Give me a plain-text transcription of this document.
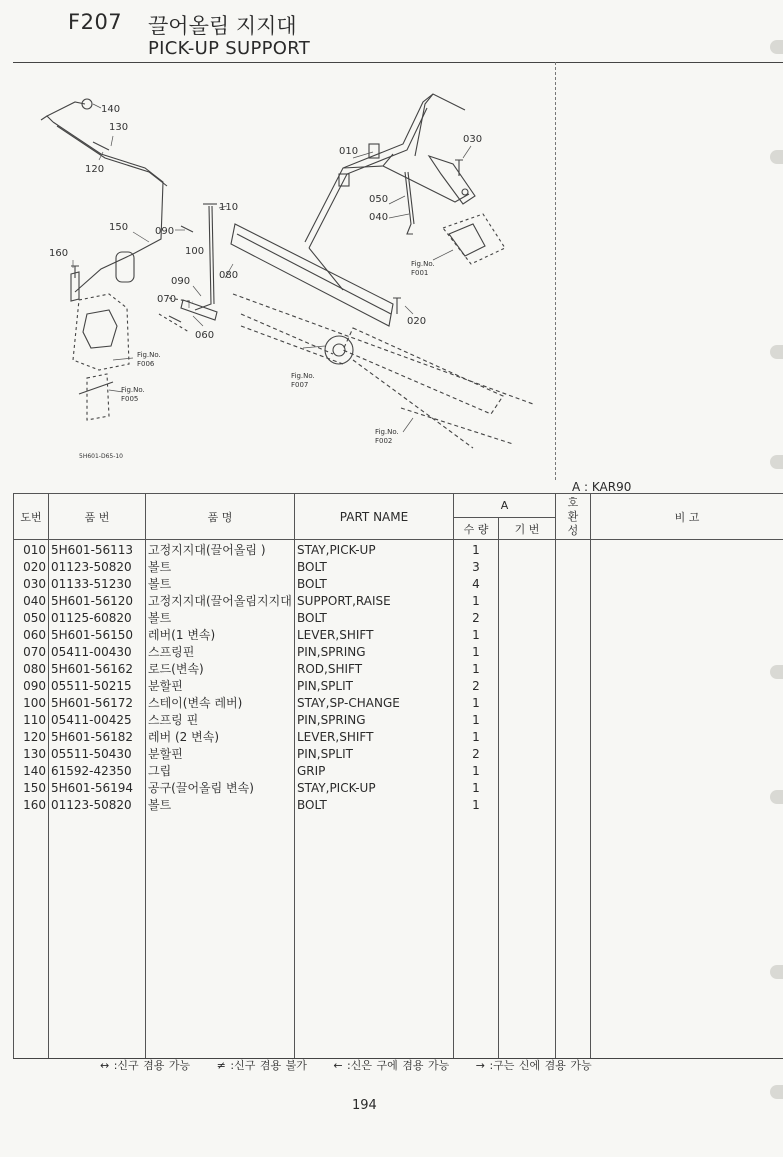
F207 끌어올림 지지대
PICK-UP SUPPORT
140
130
120
150	090
110
100
160
090
070
080
060
010
030
050
040
020
Fig.No.
F001
Fig.No.
F006
Fig.No.
F005
Fig.No.
F007
Fig.No.
F002
5H601-D65-10
A : KAR90
도번	품 번	품 명	PART NAME	A		호
환
성	비 고
				수 량	기 번		
010	5H601-56113	고정지지대(끌어올림 )	STAY,PICK-UP	1			
020	01123-50820	볼트	BOLT	3			
030	01133-51230	볼트	BOLT	4			
040	5H601-56120	고정지지대(끌어올림지지대	SUPPORT,RAISE	1			
050	01125-60820	볼트	BOLT	2			
060	5H601-56150	레버(1 변속)	LEVER,SHIFT	1			
070	05411-00430	스프링핀	PIN,SPRING	1			
080	5H601-56162	로드(변속)	ROD,SHIFT	1			
090	05511-50215	분할핀	PIN,SPLIT	2			
100	5H601-56172	스테이(변속 레버)	STAY,SP-CHANGE	1			
110	05411-00425	스프링 핀	PIN,SPRING	1			
120	5H601-56182	레버 (2 변속)	LEVER,SHIFT	1			
130	05511-50430	분할핀	PIN,SPLIT	2			
140	61592-42350	그립	GRIP	1			
150	5H601-56194	공구(끌어올림 변속)	STAY,PICK-UP	1			
160	01123-50820	볼트	BOLT	1			

↔ :신구 겸용 가능 ≠ :신구 겸용 불가 ← :신은 구에 겸용 가능 → :구는 신에 겸용 가능
194
